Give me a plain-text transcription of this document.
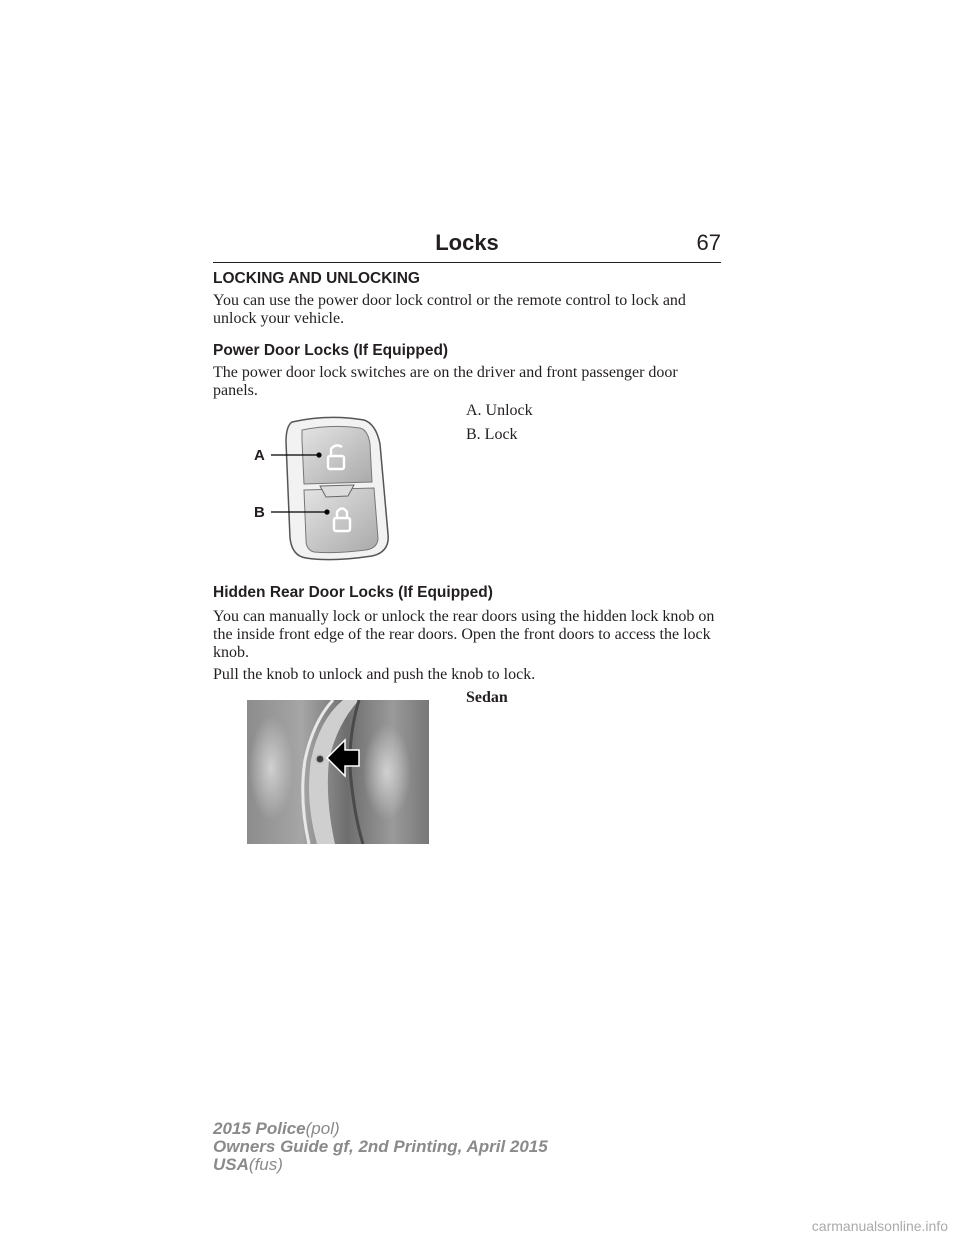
Locks	67
LOCKING AND UNLOCKING
You can use the power door lock control or the remote control to lock and unlock your vehicle.
Power Door Locks (If Equipped)
The power door lock switches are on the driver and front passenger door panels.
A. Unlock
B. Lock
A
B
Hidden Rear Door Locks (If Equipped)
You can manually lock or unlock the rear doors using the hidden lock knob on the inside front edge of the rear doors. Open the front doors to access the lock knob.
Pull the knob to unlock and push the knob to lock.
Sedan
2015 Police(pol)
Owners Guide gf, 2nd Printing, April 2015
USA(fus)
carmanualsonline.info
